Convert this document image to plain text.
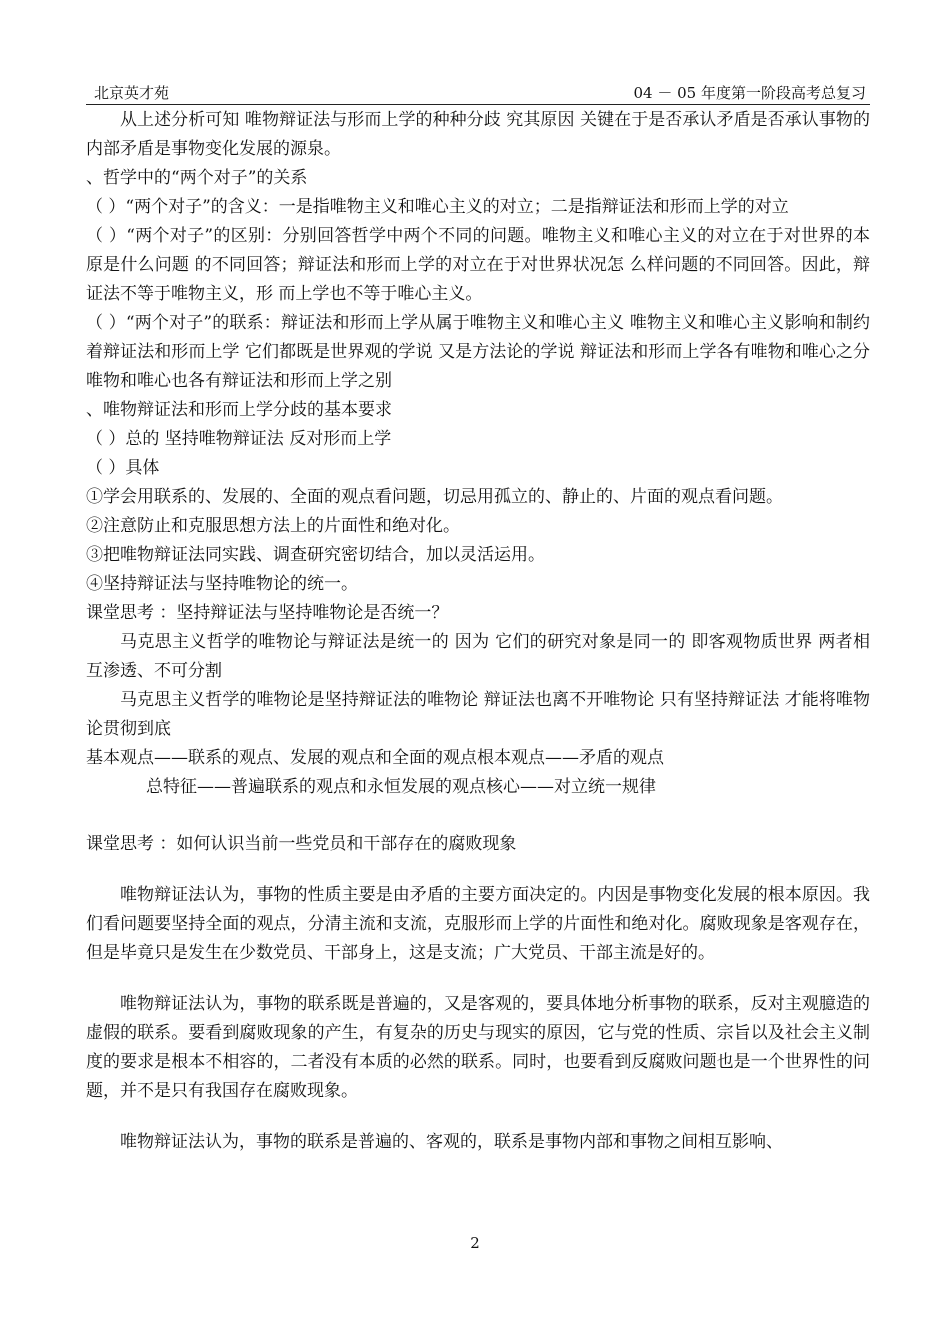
北京英才苑	04 － 05 年度第一阶段高考总复习

从上述分析可知 唯物辩证法与形而上学的种种分歧 究其原因 关键在于是否承认矛盾是否承认事物的内部矛盾是事物变化发展的源泉。

、哲学中的“两个对子”的关系

（ ）“两个对子”的含义：一是指唯物主义和唯心主义的对立；二是指辩证法和形而上学的对立

（ ）“两个对子”的区别：分别回答哲学中两个不同的问题。唯物主义和唯心主义的对立在于对世界的本原是什么问题 的不同回答；辩证法和形而上学的对立在于对世界状况怎 么样问题的不同回答。因此，辩证法不等于唯物主义，形 而上学也不等于唯心主义。

（ ）“两个对子”的联系：辩证法和形而上学从属于唯物主义和唯心主义 唯物主义和唯心主义影响和制约着辩证法和形而上学 它们都既是世界观的学说 又是方法论的学说 辩证法和形而上学各有唯物和唯心之分 唯物和唯心也各有辩证法和形而上学之别

、唯物辩证法和形而上学分歧的基本要求

（ ）总的 坚持唯物辩证法 反对形而上学

（ ）具体

①学会用联系的、发展的、全面的观点看问题，切忌用孤立的、静止的、片面的观点看问题。

②注意防止和克服思想方法上的片面性和绝对化。

③把唯物辩证法同实践、调查研究密切结合，加以灵活运用。

④坚持辩证法与坚持唯物论的统一。

课堂思考 ：坚持辩证法与坚持唯物论是否统一？

马克思主义哲学的唯物论与辩证法是统一的 因为 它们的研究对象是同一的 即客观物质世界 两者相互渗透、不可分割

马克思主义哲学的唯物论是坚持辩证法的唯物论 辩证法也离不开唯物论 只有坚持辩证法 才能将唯物论贯彻到底

基本观点——联系的观点、发展的观点和全面的观点根本观点——矛盾的观点

总特征——普遍联系的观点和永恒发展的观点核心——对立统一规律

课堂思考 ：如何认识当前一些党员和干部存在的腐败现象

唯物辩证法认为，事物的性质主要是由矛盾的主要方面决定的。内因是事物变化发展的根本原因。我们看问题要坚持全面的观点，分清主流和支流，克服形而上学的片面性和绝对化。腐败现象是客观存在，但是毕竟只是发生在少数党员、干部身上，这是支流；广大党员、干部主流是好的。

唯物辩证法认为，事物的联系既是普遍的，又是客观的，要具体地分析事物的联系，反对主观臆造的虚假的联系。要看到腐败现象的产生，有复杂的历史与现实的原因，它与党的性质、宗旨以及社会主义制度的要求是根本不相容的，二者没有本质的必然的联系。同时，也要看到反腐败问题也是一个世界性的问题，并不是只有我国存在腐败现象。

唯物辩证法认为，事物的联系是普遍的、客观的，联系是事物内部和事物之间相互影响、

2
